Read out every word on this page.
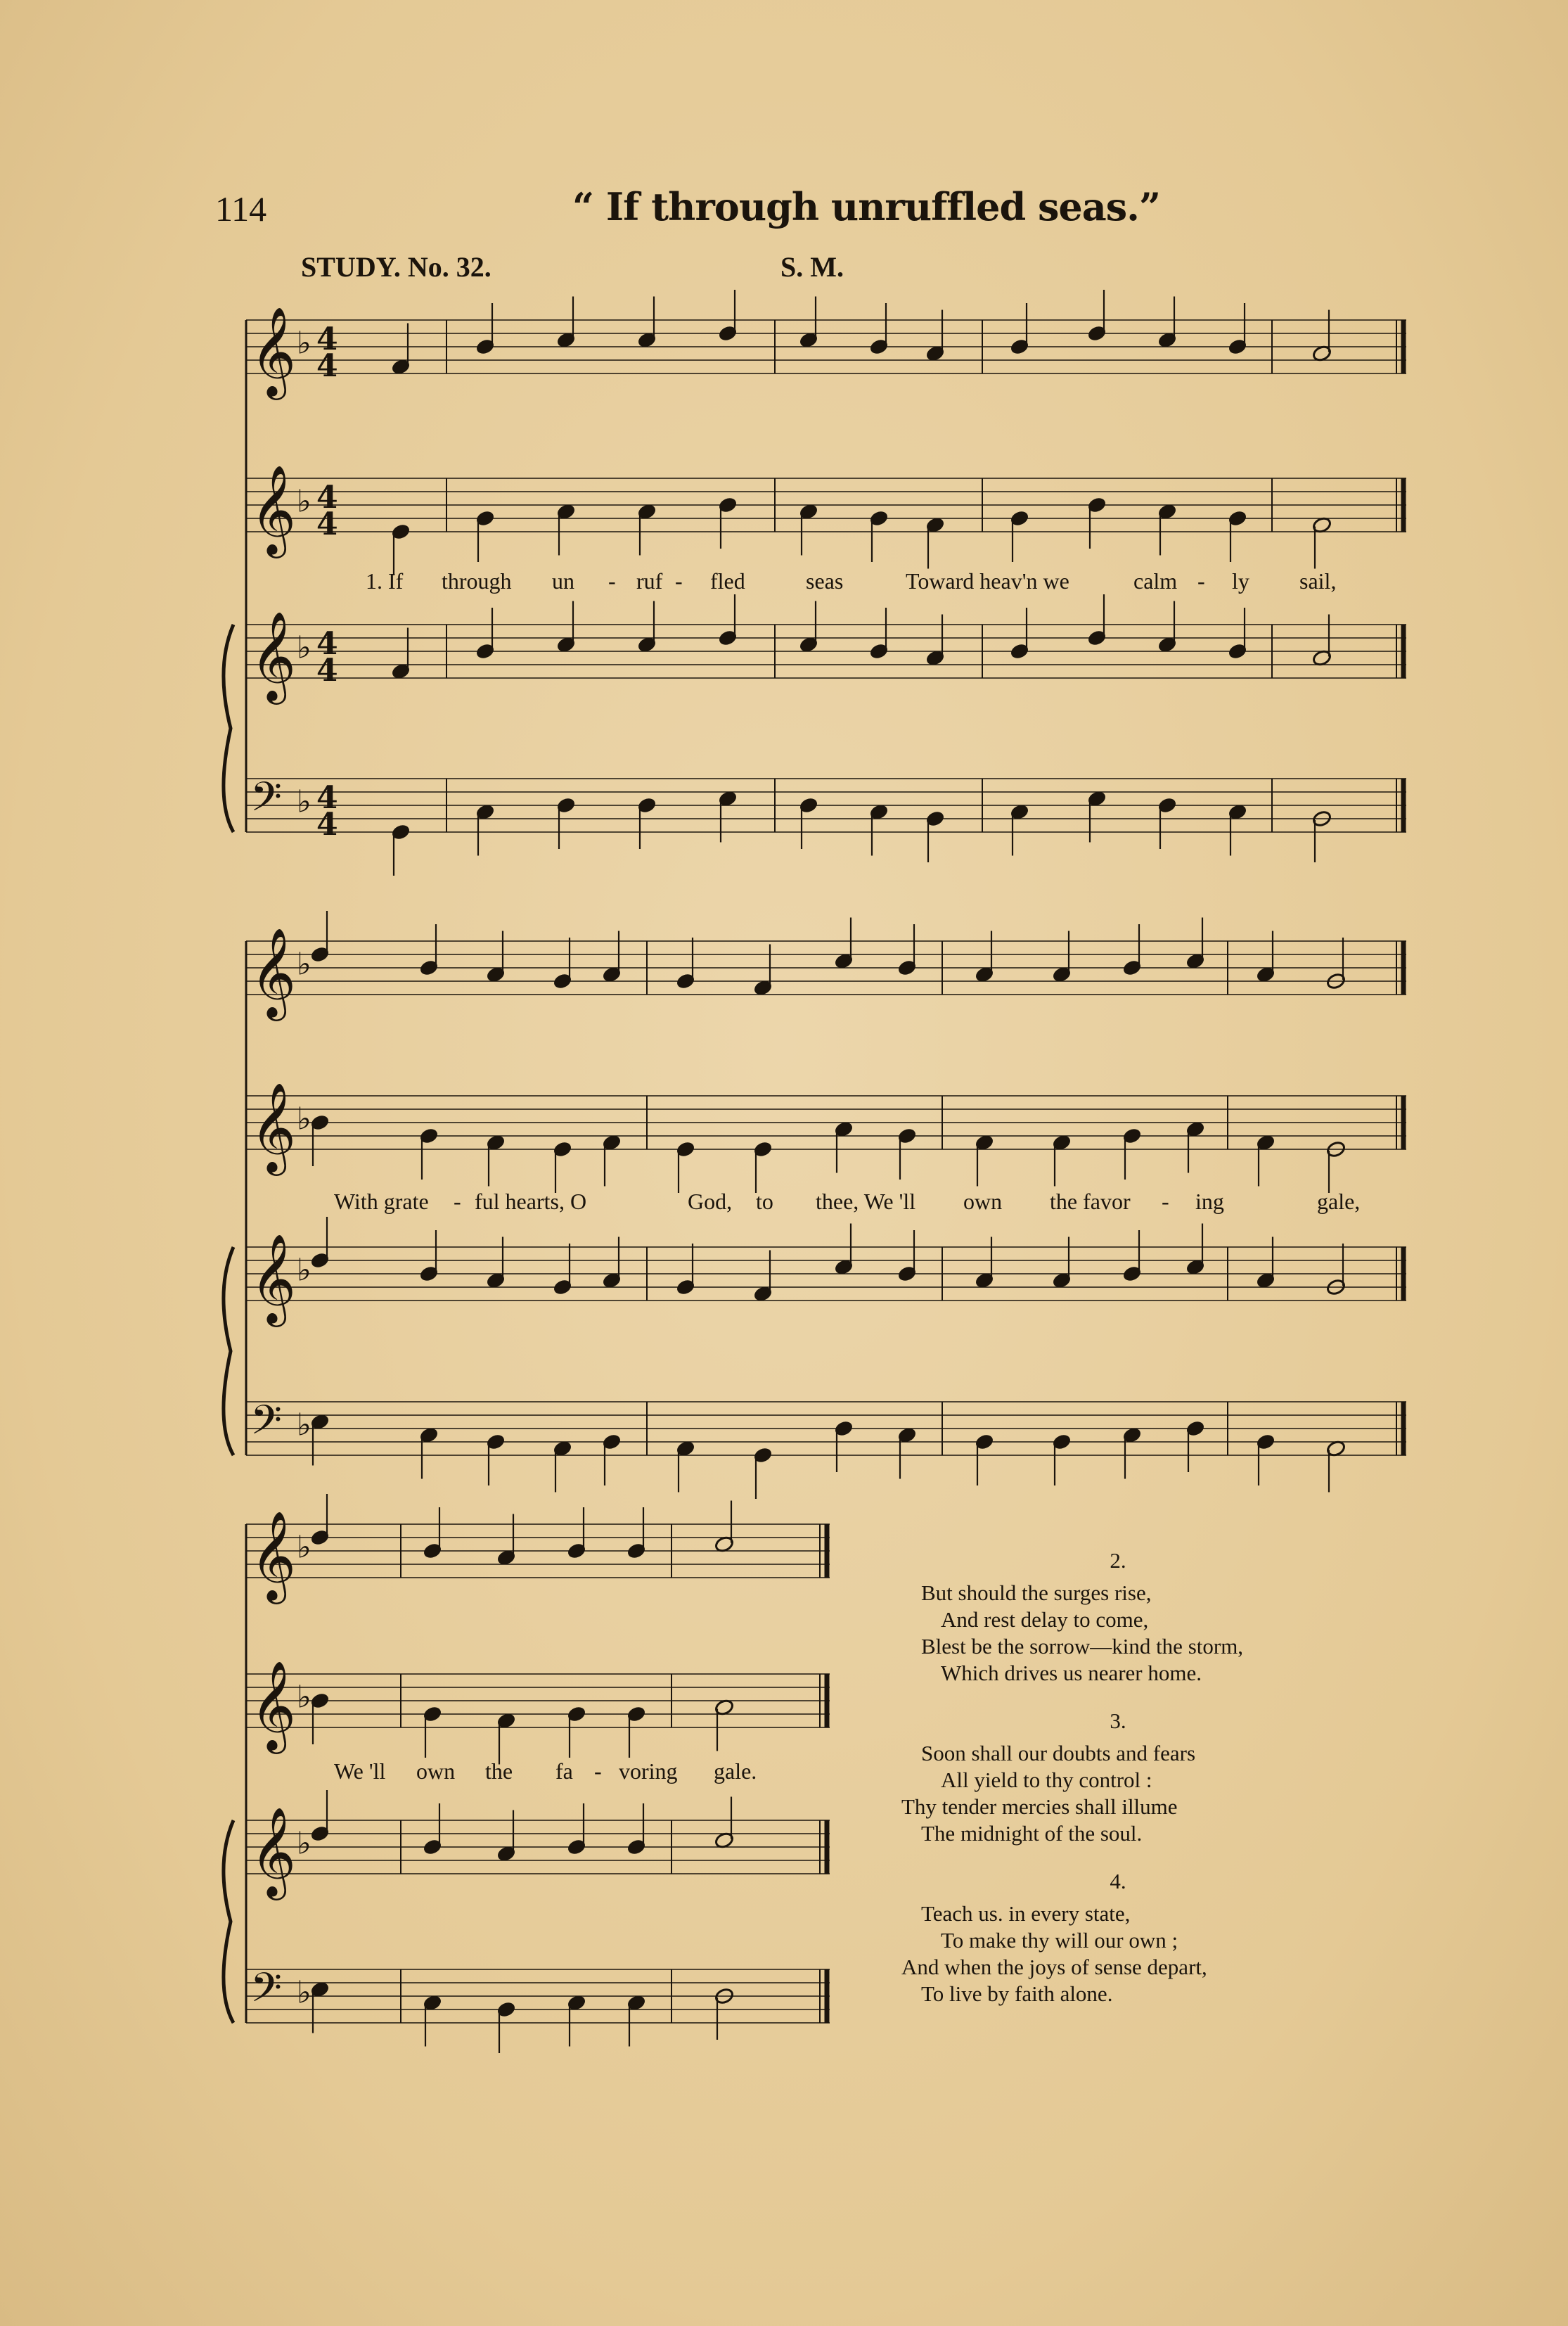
114	“ If through unruffled seas.”
STUDY. No. 32.	S. M.
𝄞 ♭ 4
4
𝄞 ♭ 4
4
𝄞 ♭ 4
4
𝄢 ♭ 4
4
𝄞 ♭
𝄞 ♭
𝄞 ♭
𝄢 ♭
𝄞 ♭
𝄞 ♭
𝄞 ♭
𝄢 ♭
1. If through un - ruf - fled	seas	Toward heav'n we	calm - ly sail,
With grate - ful hearts, O	God, to thee, We 'll own the favor - ing	gale,
We 'll own the fa - voring gale.
2.
But should the surges rise,
And rest delay to come,
Blest be the sorrow—kind the storm,
Which drives us nearer home.
3.
Soon shall our doubts and fears
All yield to thy control :
Thy tender mercies shall illume
The midnight of the soul.
4.
Teach us. in every state,
To make thy will our own ;
And when the joys of sense depart,
To live by faith alone.
